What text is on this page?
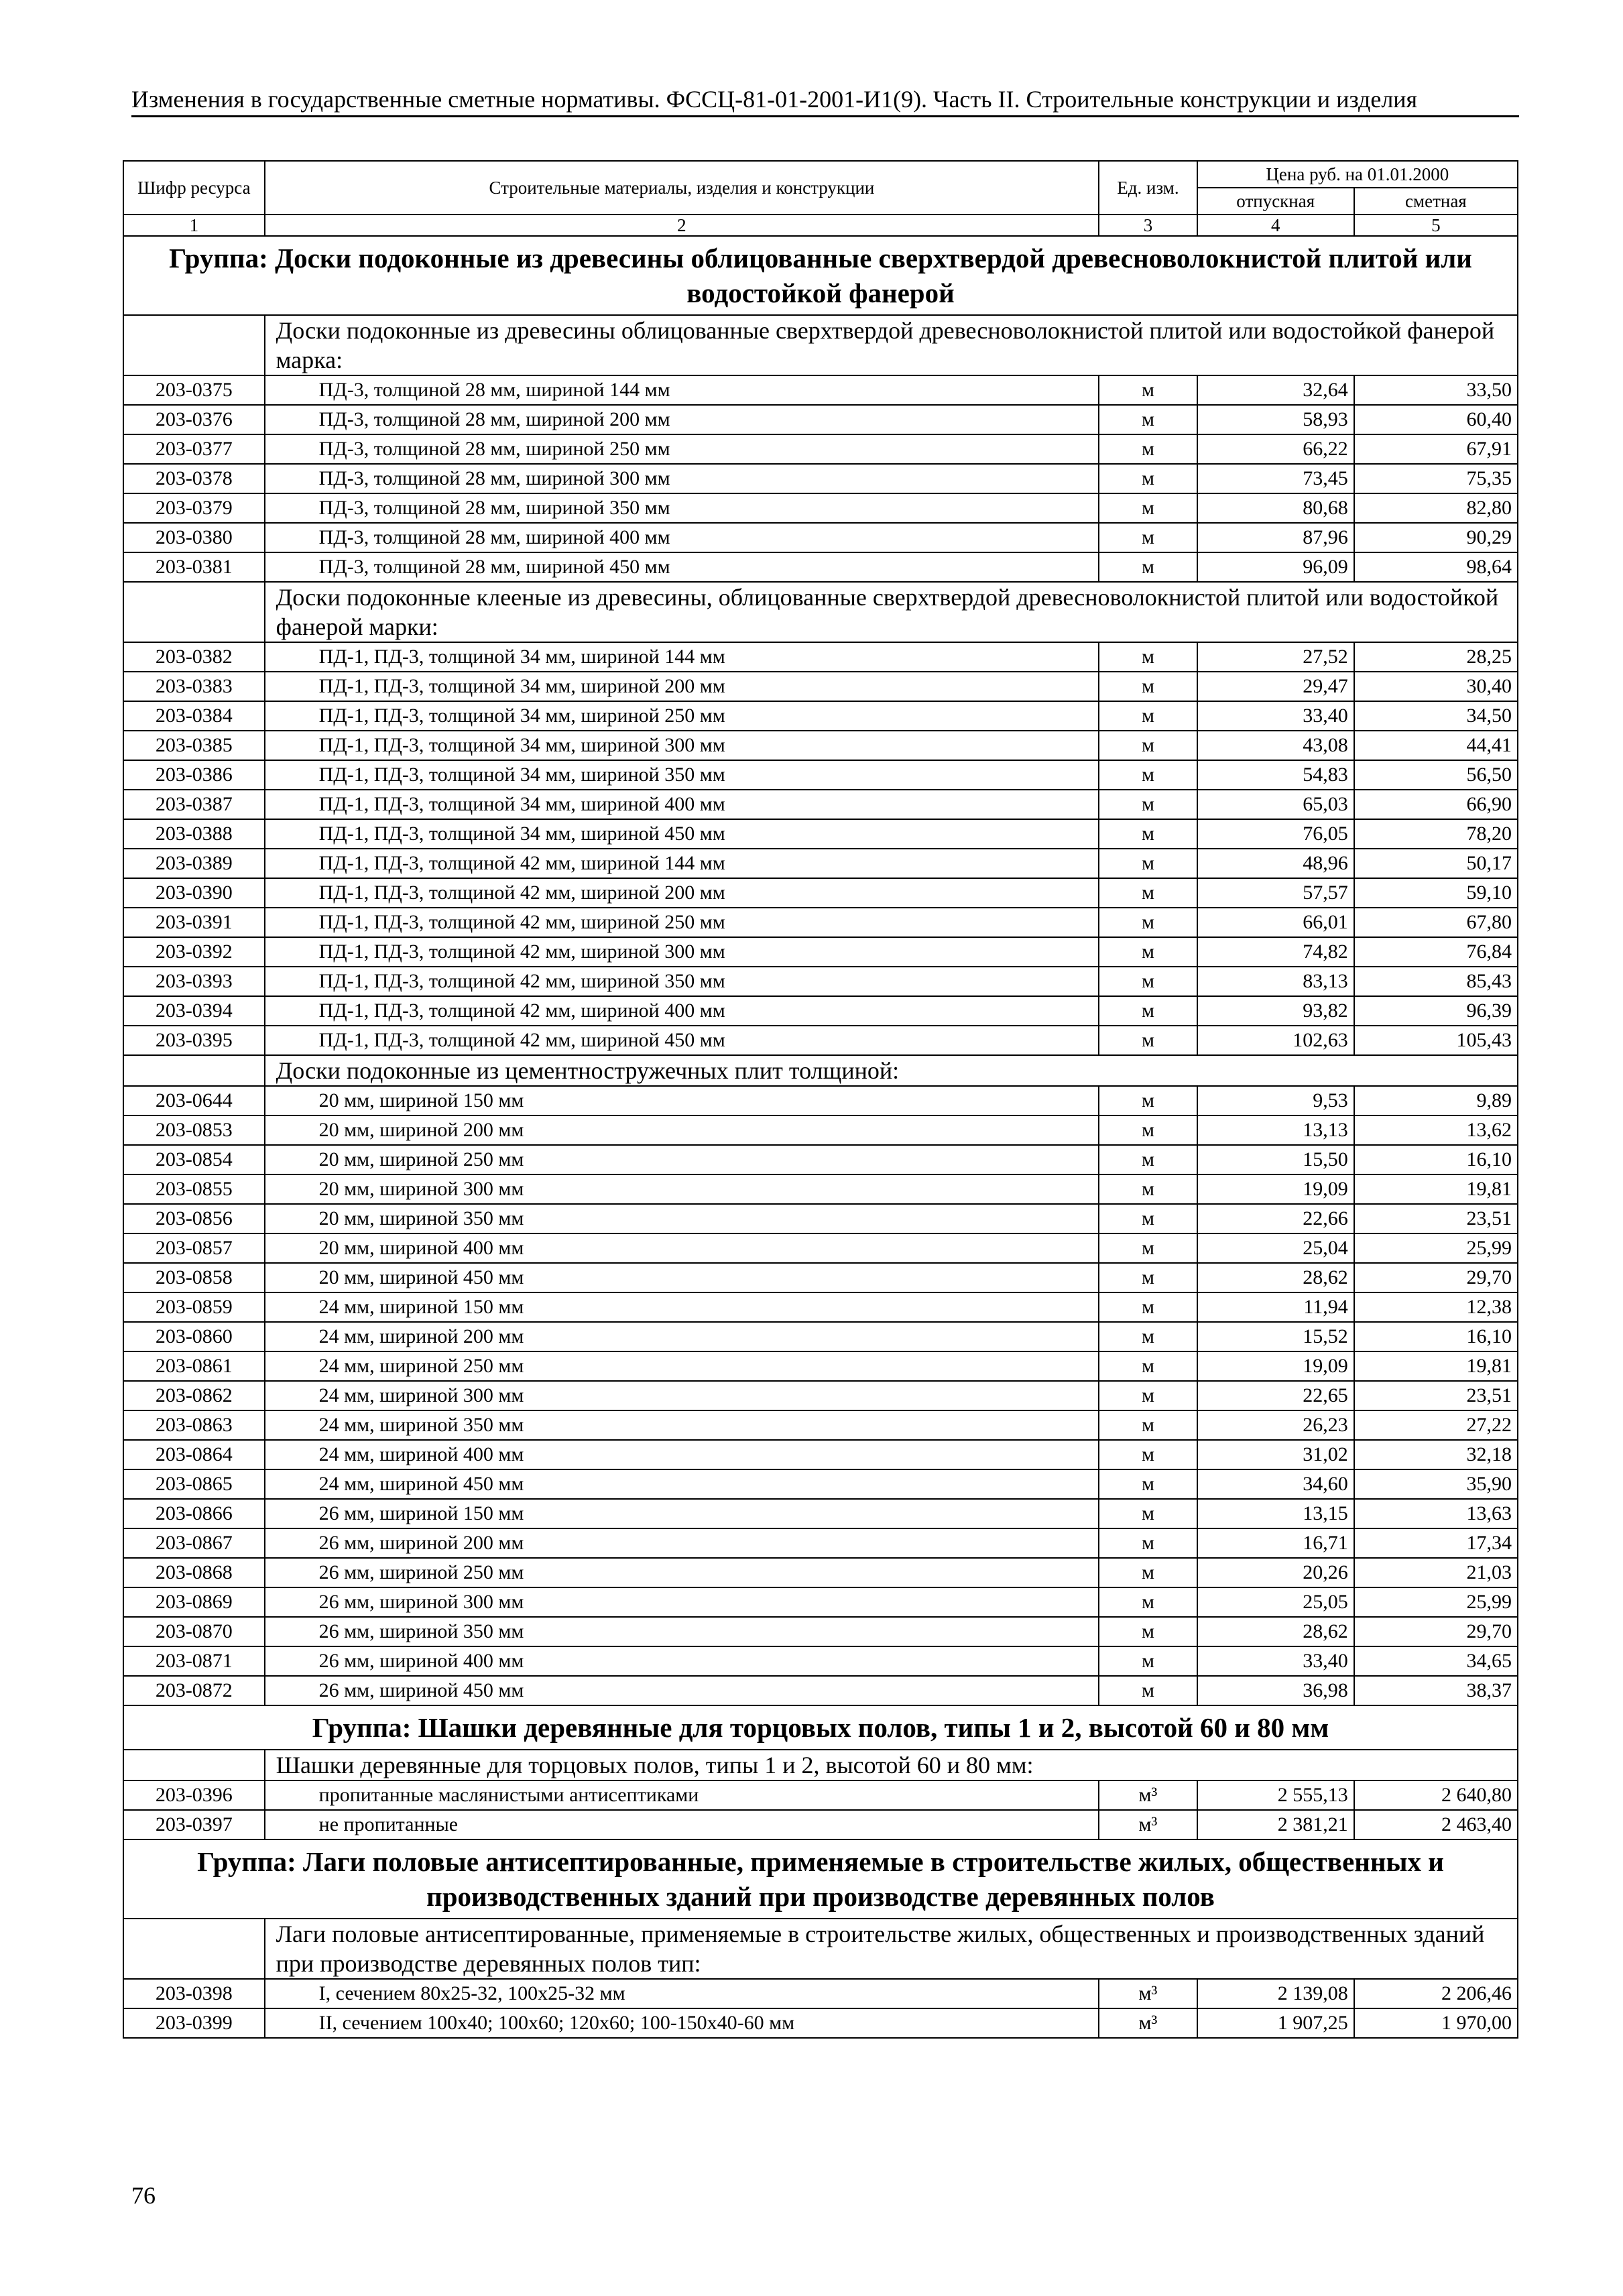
Изменения в государственные сметные нормативы. ФССЦ-81-01-2001-И1(9). Часть II. Строительные конструкции и изделия
Шифр ресурса	Строительные материалы, изделия и конструкции	Ед. изм.	Цена руб. на 01.01.2000	
			отпускная	сметная
1	2	3	4	5
Группа: Доски подоконные из древесины облицованные сверхтвердой древесноволокнистой плитой или водостойкой фанерой				
	Доски подоконные из древесины облицованные сверхтвердой древесноволокнистой плитой или водостойкой фанерой марка:			
203-0375	ПД-3, толщиной 28 мм, шириной 144 мм	м	32,64	33,50
203-0376	ПД-3, толщиной 28 мм, шириной 200 мм	м	58,93	60,40
203-0377	ПД-3, толщиной 28 мм, шириной 250 мм	м	66,22	67,91
203-0378	ПД-3, толщиной 28 мм, шириной 300 мм	м	73,45	75,35
203-0379	ПД-3, толщиной 28 мм, шириной 350 мм	м	80,68	82,80
203-0380	ПД-3, толщиной 28 мм, шириной 400 мм	м	87,96	90,29
203-0381	ПД-3, толщиной 28 мм, шириной 450 мм	м	96,09	98,64
	Доски подоконные клееные из древесины, облицованные сверхтвердой древесноволокнистой плитой или водостойкой фанерой марки:			
203-0382	ПД-1, ПД-3, толщиной 34 мм, шириной 144 мм	м	27,52	28,25
203-0383	ПД-1, ПД-3, толщиной 34 мм, шириной 200 мм	м	29,47	30,40
203-0384	ПД-1, ПД-3, толщиной 34 мм, шириной 250 мм	м	33,40	34,50
203-0385	ПД-1, ПД-3, толщиной 34 мм, шириной 300 мм	м	43,08	44,41
203-0386	ПД-1, ПД-3, толщиной 34 мм, шириной 350 мм	м	54,83	56,50
203-0387	ПД-1, ПД-3, толщиной 34 мм, шириной 400 мм	м	65,03	66,90
203-0388	ПД-1, ПД-3, толщиной 34 мм, шириной 450 мм	м	76,05	78,20
203-0389	ПД-1, ПД-3, толщиной 42 мм, шириной 144 мм	м	48,96	50,17
203-0390	ПД-1, ПД-3, толщиной 42 мм, шириной 200 мм	м	57,57	59,10
203-0391	ПД-1, ПД-3, толщиной 42 мм, шириной 250 мм	м	66,01	67,80
203-0392	ПД-1, ПД-3, толщиной 42 мм, шириной 300 мм	м	74,82	76,84
203-0393	ПД-1, ПД-3, толщиной 42 мм, шириной 350 мм	м	83,13	85,43
203-0394	ПД-1, ПД-3, толщиной 42 мм, шириной 400 мм	м	93,82	96,39
203-0395	ПД-1, ПД-3, толщиной 42 мм, шириной 450 мм	м	102,63	105,43
	Доски подоконные из цементностружечных плит толщиной:			
203-0644	20 мм, шириной 150 мм	м	9,53	9,89
203-0853	20 мм, шириной 200 мм	м	13,13	13,62
203-0854	20 мм, шириной 250 мм	м	15,50	16,10
203-0855	20 мм, шириной 300 мм	м	19,09	19,81
203-0856	20 мм, шириной 350 мм	м	22,66	23,51
203-0857	20 мм, шириной 400 мм	м	25,04	25,99
203-0858	20 мм, шириной 450 мм	м	28,62	29,70
203-0859	24 мм, шириной 150 мм	м	11,94	12,38
203-0860	24 мм, шириной 200 мм	м	15,52	16,10
203-0861	24 мм, шириной 250 мм	м	19,09	19,81
203-0862	24 мм, шириной 300 мм	м	22,65	23,51
203-0863	24 мм, шириной 350 мм	м	26,23	27,22
203-0864	24 мм, шириной 400 мм	м	31,02	32,18
203-0865	24 мм, шириной 450 мм	м	34,60	35,90
203-0866	26 мм, шириной 150 мм	м	13,15	13,63
203-0867	26 мм, шириной 200 мм	м	16,71	17,34
203-0868	26 мм, шириной 250 мм	м	20,26	21,03
203-0869	26 мм, шириной 300 мм	м	25,05	25,99
203-0870	26 мм, шириной 350 мм	м	28,62	29,70
203-0871	26 мм, шириной 400 мм	м	33,40	34,65
203-0872	26 мм, шириной 450 мм	м	36,98	38,37
Группа: Шашки деревянные для торцовых полов, типы 1 и 2, высотой 60 и 80 мм				
	Шашки деревянные для торцовых полов, типы 1 и 2, высотой 60 и 80 мм:			
203-0396	пропитанные маслянистыми антисептиками	м³	2 555,13	2 640,80
203-0397	не пропитанные	м³	2 381,21	2 463,40
Группа: Лаги половые антисептированные, применяемые в строительстве жилых, общественных и производственных зданий при производстве деревянных полов				
	Лаги половые антисептированные, применяемые в строительстве жилых, общественных и производственных зданий при производстве деревянных полов тип:			
203-0398	I, сечением 80х25-32, 100х25-32 мм	м³	2 139,08	2 206,46
203-0399	II, сечением 100х40; 100х60; 120х60; 100-150х40-60 мм	м³	1 907,25	1 970,00
76
